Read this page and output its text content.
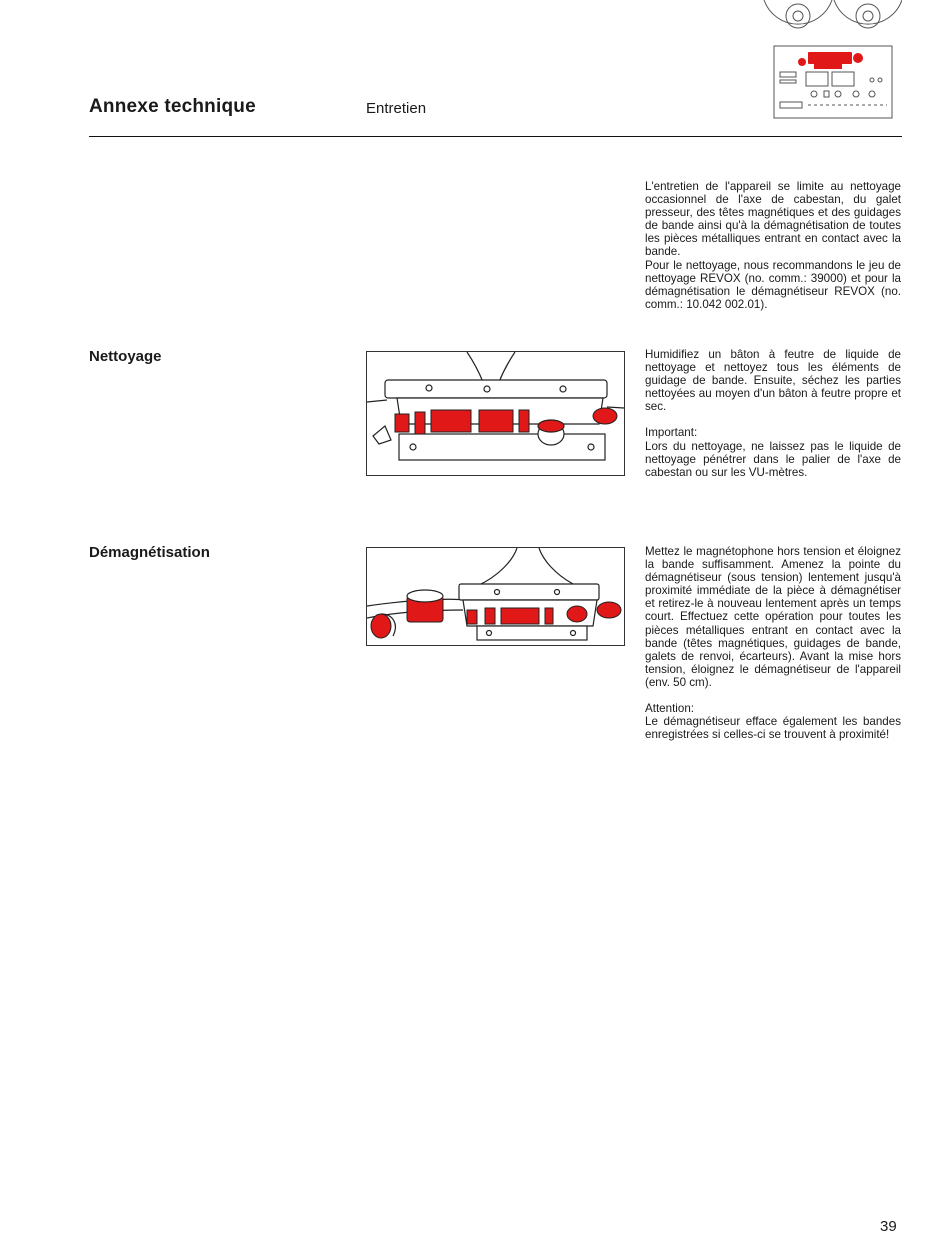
Annexe technique	Entretien

L'entretien de l'appareil se limite au nettoyage occasionnel de l'axe de cabestan, du galet presseur, des têtes magnétiques et des guidages de bande ainsi qu'à la démagnétisation de toutes les pièces métalliques entrant en contact avec la bande.

Pour le nettoyage, nous recommandons le jeu de nettoyage REVOX (no. comm.: 39000) et pour la démagnétisation le démagnétiseur REVOX (no. comm.: 10.042 002.01).

Nettoyage	Humidifiez un bâton à feutre de liquide de nettoyage et nettoyez tous les éléments de guidage de bande. Ensuite, séchez les parties nettoyées au moyen d'un bâton à feutre propre et sec.

Important:

Lors du nettoyage, ne laissez pas le liquide de nettoyage pénétrer dans le palier de l'axe de cabestan ou sur les VU-mètres.

Démagnétisation	Mettez le magnétophone hors tension et éloignez la bande suffisamment. Amenez la pointe du démagnétiseur (sous tension) lentement jusqu'à proximité immédiate de la pièce à démagnétiser et retirez-le à nouveau lentement après un temps court. Effectuez cette opération pour toutes les pièces métalliques entrant en contact avec la bande (têtes magnétiques, guidages de bande, galets de renvoi, écarteurs). Avant la mise hors tension, éloignez le démagnétiseur de l'appareil (env. 50 cm).

Attention:

Le démagnétiseur efface également les bandes enregistrées si celles-ci se trouvent à proximité!

39
